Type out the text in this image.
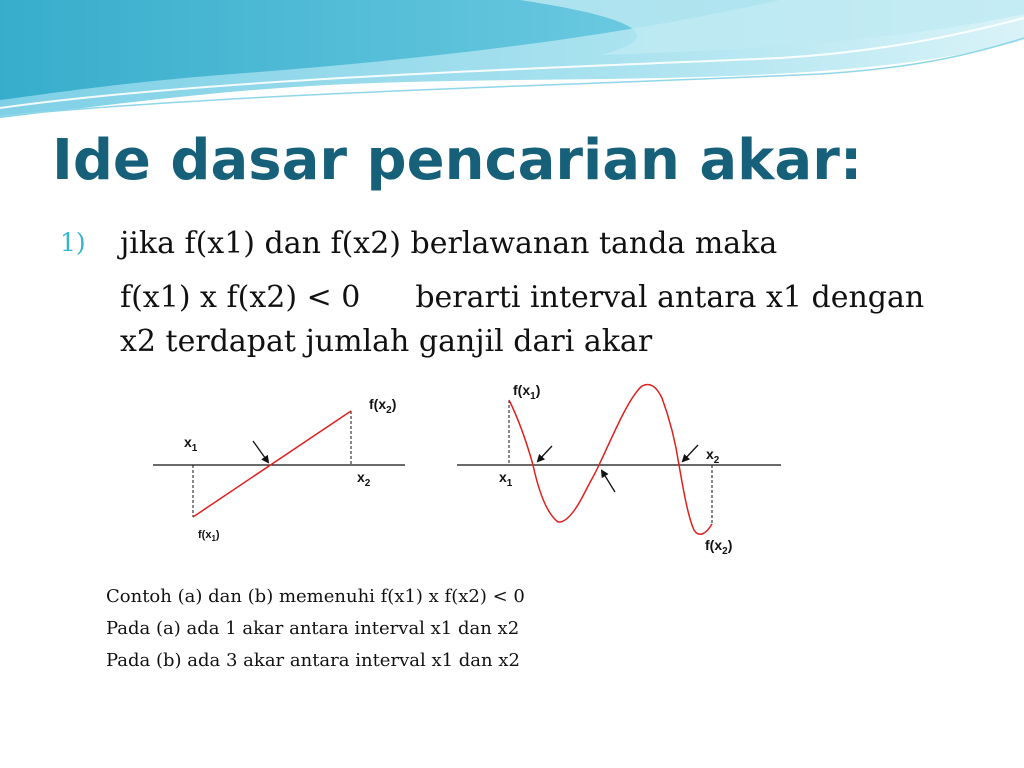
Ide dasar pencarian akar:
1) jika f(x1) dan f(x2) berlawanan tanda maka
f(x1) x f(x2) < 0 berarti interval antara x1 dengan
x2 terdapat jumlah ganjil dari akar
$f(x_2)$
$x_1$
$x_2$
$f(x_1)$
$f(x_1)$
$x_1$
$x_2$
$f(x_2)$
Contoh (a) dan (b) memenuhi f(x1) x f(x2) < 0
Pada (a) ada 1 akar antara interval x1 dan x2
Pada (b) ada 3 akar antara interval x1 dan x2
